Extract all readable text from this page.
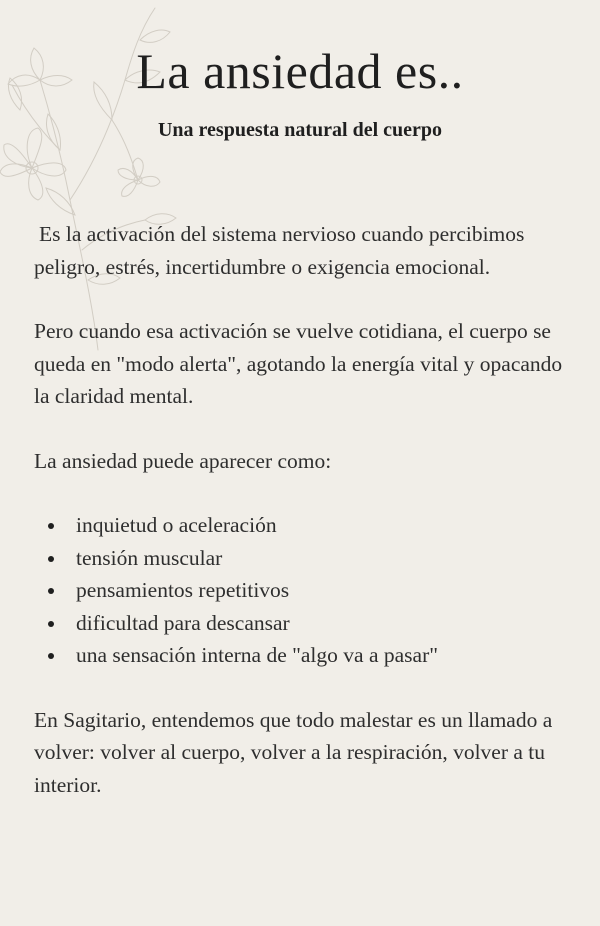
La ansiedad es..
Una respuesta natural del cuerpo

Es la activación del sistema nervioso cuando percibimos peligro, estrés, incertidumbre o exigencia emocional.

Pero cuando esa activación se vuelve cotidiana, el cuerpo se queda en "modo alerta", agotando la energía vital y opacando la claridad mental.

La ansiedad puede aparecer como:

inquietud o aceleración
tensión muscular
pensamientos repetitivos
dificultad para descansar
una sensación interna de "algo va a pasar"

En Sagitario, entendemos que todo malestar es un llamado a volver: volver al cuerpo, volver a la respiración, volver a tu interior.
